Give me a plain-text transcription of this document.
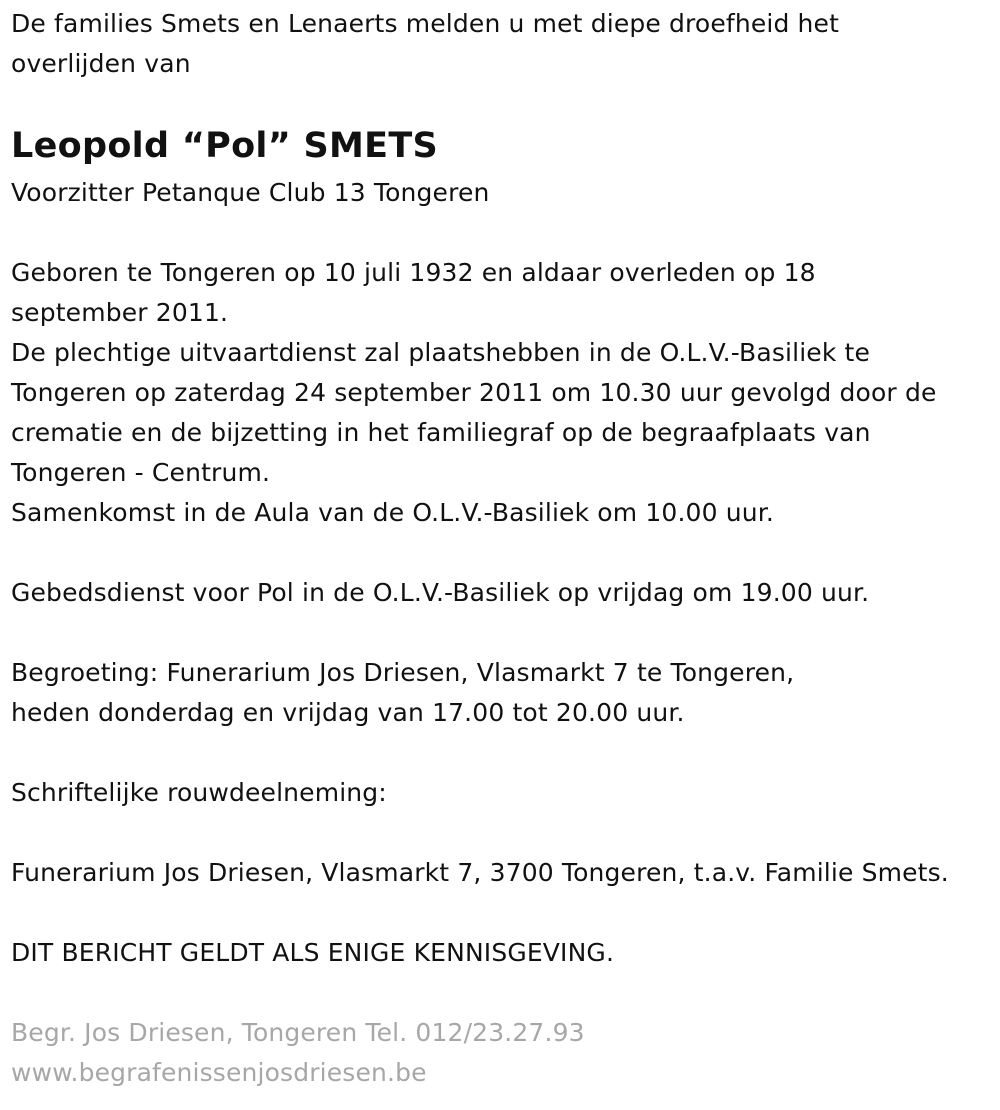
De families Smets en Lenaerts melden u met diepe droefheid het
overlijden van
Leopold “Pol” SMETS
Voorzitter Petanque Club 13 Tongeren
Geboren te Tongeren op 10 juli 1932 en aldaar overleden op 18
september 2011.
De plechtige uitvaartdienst zal plaatshebben in de O.L.V.-Basiliek te
Tongeren op zaterdag 24 september 2011 om 10.30 uur gevolgd door de
crematie en de bijzetting in het familiegraf op de begraafplaats van
Tongeren - Centrum.
Samenkomst in de Aula van de O.L.V.-Basiliek om 10.00 uur.
Gebedsdienst voor Pol in de O.L.V.-Basiliek op vrijdag om 19.00 uur.
Begroeting: Funerarium Jos Driesen, Vlasmarkt 7 te Tongeren,
heden donderdag en vrijdag van 17.00 tot 20.00 uur.
Schriftelijke rouwdeelneming:
Funerarium Jos Driesen, Vlasmarkt 7, 3700 Tongeren, t.a.v. Familie Smets.
DIT BERICHT GELDT ALS ENIGE KENNISGEVING.
Begr. Jos Driesen, Tongeren Tel. 012/23.27.93
www.begrafenissenjosdriesen.be
